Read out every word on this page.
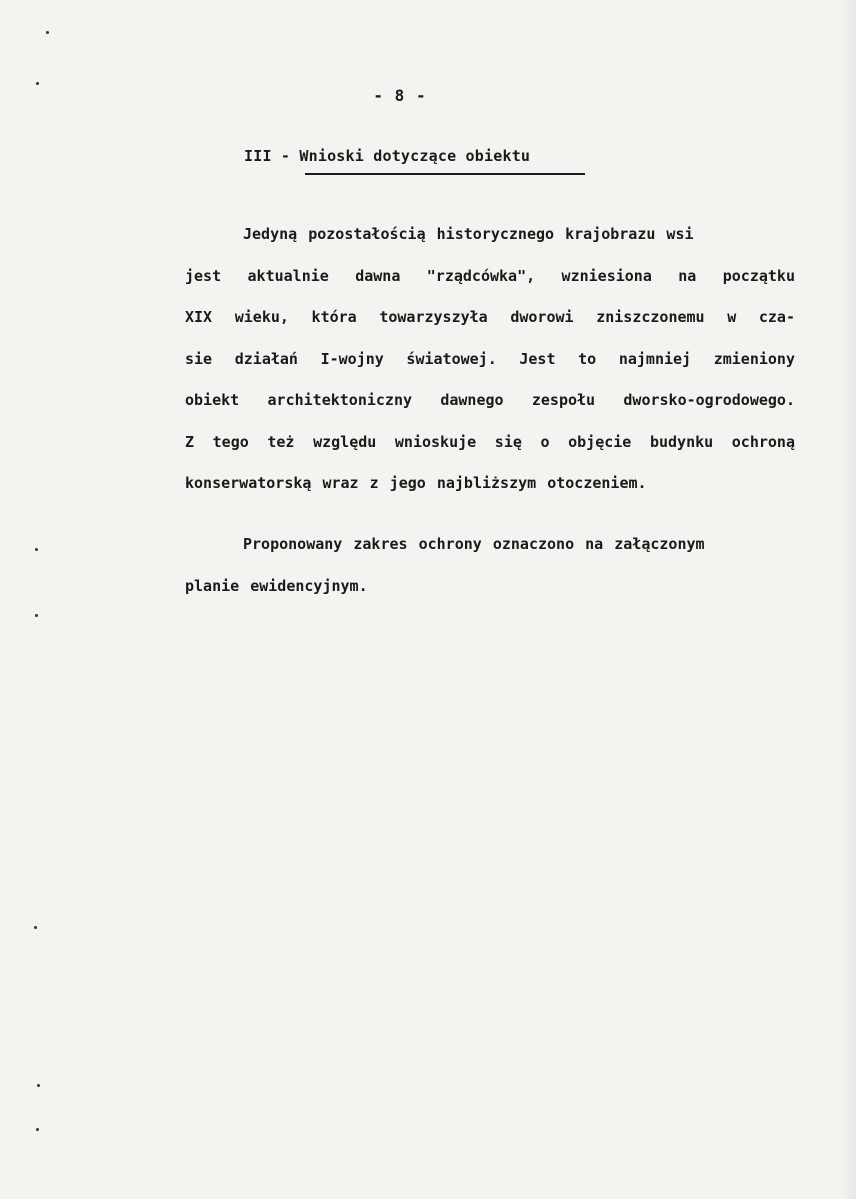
- 8 -
III - Wnioski dotyczące obiektu
Jedyną pozostałością historycznego krajobrazu wsi
jest aktualnie dawna "rządcówka", wzniesiona na początku
XIX wieku, która towarzyszyła dworowi zniszczonemu w cza-
sie działań I-wojny światowej. Jest to najmniej zmieniony
obiekt architektoniczny dawnego zespołu dworsko-ogrodowego.
Z tego też względu wnioskuje się o objęcie budynku ochroną
konserwatorską wraz z jego najbliższym otoczeniem.
Proponowany zakres ochrony oznaczono na załączonym
planie ewidencyjnym.
